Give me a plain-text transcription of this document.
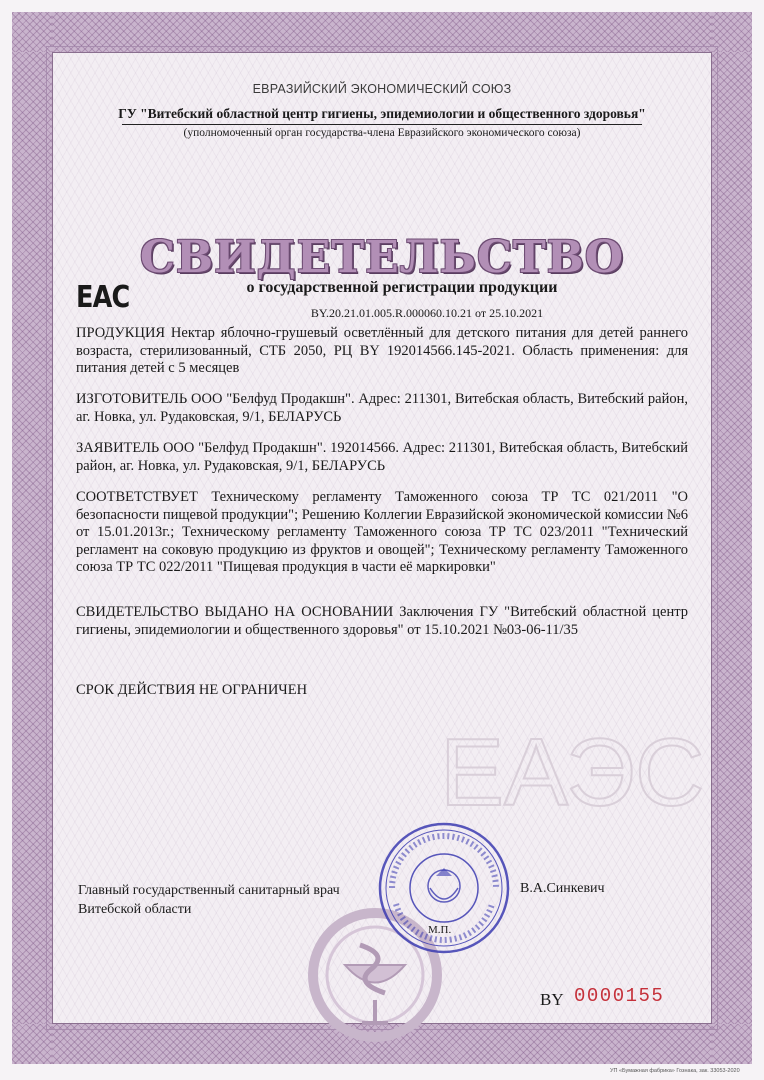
ЕАЭС
ЕВРАЗИЙСКИЙ ЭКОНОМИЧЕСКИЙ СОЮЗ
ГУ "Витебский областной центр гигиены, эпидемиологии и общественного здоровья"
(уполномоченный орган государства-члена Евразийского экономического союза)
СВИДЕТЕЛЬСТВО
EAC	о государственной регистрации продукции
BY.20.21.01.005.R.000060.10.21 от 25.10.2021
ПРОДУКЦИЯ Нектар яблочно-грушевый осветлённый для детского питания для детей раннего возраста, стерилизованный, СТБ 2050, РЦ BY 192014566.145-2021. Область применения: для питания детей с 5 месяцев
ИЗГОТОВИТЕЛЬ ООО "Белфуд Продакшн". Адрес: 211301, Витебская область, Витебский район, аг. Новка, ул. Рудаковская, 9/1, БЕЛАРУСЬ
ЗАЯВИТЕЛЬ ООО "Белфуд Продакшн". 192014566. Адрес: 211301, Витебская область, Витебский район, аг. Новка, ул. Рудаковская, 9/1, БЕЛАРУСЬ
СООТВЕТСТВУЕТ Техническому регламенту Таможенного союза ТР ТС 021/2011 "О безопасности пищевой продукции"; Решению Коллегии Евразийской экономической комиссии №6 от 15.01.2013г.; Техническому регламенту Таможенного союза ТР ТС 023/2011 "Технический регламент на соковую продукцию из фруктов и овощей"; Техническому регламенту Таможенного союза ТР ТС 022/2011 "Пищевая продукция в части её маркировки"
СВИДЕТЕЛЬСТВО ВЫДАНО НА ОСНОВАНИИ Заключения ГУ "Витебский областной центр гигиены, эпидемиологии и общественного здоровья" от 15.10.2021 №03-06-11/35
СРОК ДЕЙСТВИЯ НЕ ОГРАНИЧЕН
Главный государственный санитарный врач
Витебской области
В.А.Синкевич
М.П.
BY 0000155
УП «Бумажная фабрика» Гознака, зак. 33053-2020
